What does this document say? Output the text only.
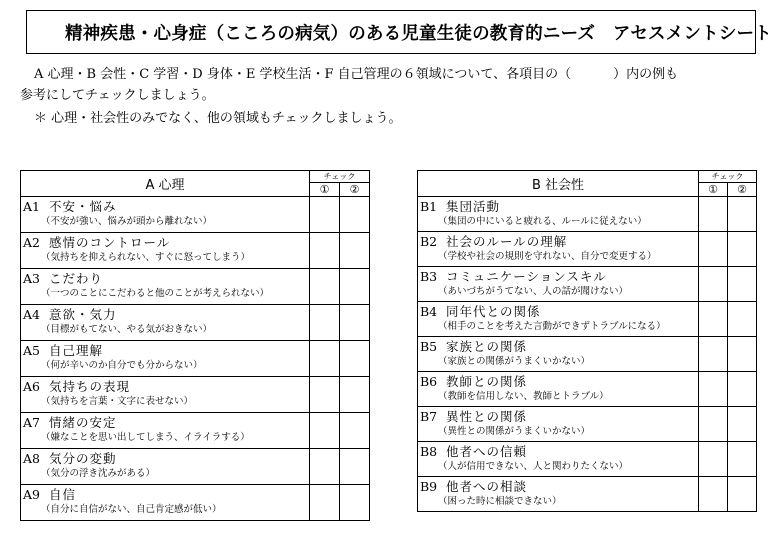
精神疾患・心身症（こころの病気）のある児童生徒の教育的ニーズ　アセスメントシート

A 心理・B 会性・C 学習・D 身体・E 学校生活・F 自己管理の６領域について、各項目の（	）内の例も

参考にしてチェックしましょう。

＊ 心理・社会性のみでなく、他の領域もチェックしましょう。

A 心理	チェック	
	①	②

A1 不安・悩み
（不安が強い、悩みが頭から離れない）		

A2 感情のコントロール
（気持ちを抑えられない、すぐに怒ってしまう）		

A3 こだわり
（一つのことにこだわると他のことが考えられない）		

A4 意欲・気力
（目標がもてない、やる気がおきない）		

A5 自己理解
（何が辛いのか自分でも分からない）		

A6 気持ちの表現
（気持ちを言葉・文字に表せない）		

A7 情緒の安定
（嫌なことを思い出してしまう、イライラする）		

A8 気分の変動
（気分の浮き沈みがある）		

A9 自信
（自分に自信がない、自己肯定感が低い）		

B 社会性	チェック	
	①	②

B1 集団活動
（集団の中にいると疲れる、ルールに従えない）		

B2 社会のルールの理解
（学校や社会の規則を守れない、自分で変更する）		

B3 コミュニケーションスキル
（あいづちがうてない、人の話が聞けない）		

B4 同年代との関係
（相手のことを考えた言動ができずトラブルになる）		

B5 家族との関係
（家族との関係がうまくいかない）		

B6 教師との関係
（教師を信用しない、教師とトラブル）		

B7 異性との関係
（異性との関係がうまくいかない）		

B8 他者への信頼
（人が信用できない、人と関わりたくない）		

B9 他者への相談
（困った時に相談できない）		
